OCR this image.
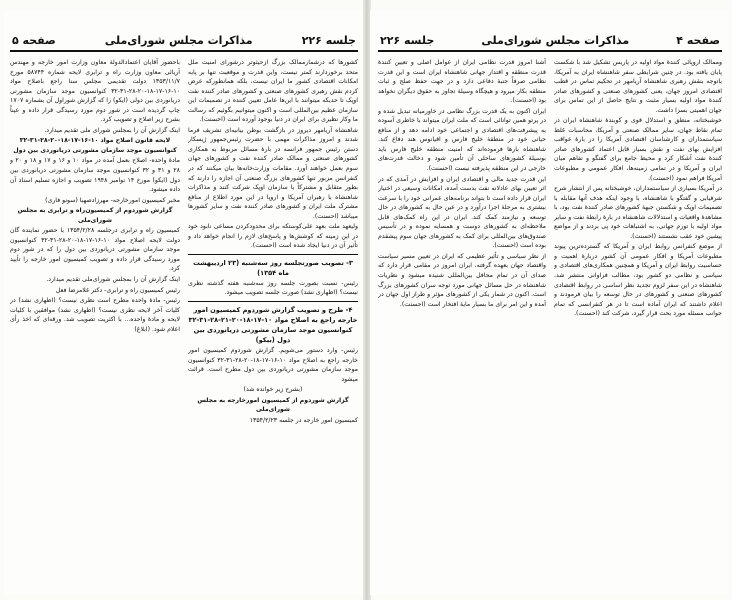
جلسه ۲۲۶
مذاکرات مجلس شورای‌ملی
صفحه ۵

کشورها که درشمارممالک بزرگ ازحیثوتر درشورای امنیت ملل متحد برخوردارند کمتر نیست، واین قدرت و موقعیت تنها بر پایه امکانات اقتصادی کشور ما ایران نیست، بلکه همانطورکه عرض کردم نقش رهبری کشورهای صنعتی و کشورهای صادر کننده نفت اوپک تا حدیکه میتوانند با این‌ها عامل تعیین کننده در تصمیمات این سازمان عظیم بین‌المللی است و اکنون میتوانیم بگوئیم که رسالت ما وکار نظیری برای ایران در دنیا بوجود آورده است (احسنت).

شاهنشاه آریامهر دیروز در بازگشت بوطن بیانیه‌ای تشریف فرما شدند و امروز مذاکرات مهمی با حضرت رئیس‌جمهور ژیسکار دستن رئیس جمهور فرانسه در بارهٔ مسائل مربوط به همکاری کشورهای صنعتی و ممالک صادر کننده نفت و کشورهای جهان سوم بعمل خواهند آورد. مقامات وزارت‌خانه‌ها بیان میکنند که در کنفرانس مزبور تنها کشورهای بزرگ صنعتی آن اجازه را دارند که بطور متقابل و مشترکاً با سازمان اوپک شرکت کنند و مذاکرات شاهنشاه با رهبران آمریکا و اروپا در این مورد اطلاع از منافع مشترک ملت ایران و کشورهای صادر کننده نفت و سایر کشورها میباشد (احسنت).

ولیعهد ملت بعهد علی‌کوستکه برای محدودکردن مساعی نابود خود در این زمینه که کوشش‌ها و پاسخ‌های لازم را انجام خواهد داد و تأثیر آن در دنیا ایجاد شده است (احسنت).

۳- تصویب صورتجلسه روز سه‌شنبه (۲۳ اردیبهشت ماه ۱۳۵۴)

رئیس- نسبت بصورت جلسه روز سه‌شنبه هفته گذشته نظری نیست؟ (اظهاری نشد) صورت جلسه تصویب میشود.

۴- طرح و تصویب گزارش شوردوم کمیسیون امور خارجه راجع به اصلاح مواد ۱۰-۱۷-۱۸-۲۰-۲۱-۲۸-۳۱-۳۲ کنوانسیون موجد سازمان مشورتی دریانوردی بین دول (بیکو)

رئیس- وارد دستور می‌شویم. گزارش شوردوم کمیسیون امور خارجه راجع به اصلاح مواد ۱۰-۱۶-۱۷-۱۸-۲۰-۲۸-۳۱-۳۲ کنوانسیون موجد سازمان مشورتی دریانوردی بین دول مطرح است. قرائت میشود

(بشرح زیر خوانده شد)

گزارش شوردوم از کمیسیون امورخارجه به مجلس شورای‌ملی

کمیسیون امور خارجه در جلسه ۱۳۵۴/۲/۲۳

باحضور آقایان اعتماد‌الدولهٔ معاون وزارت امور خارجه و مهندس آریائی معاون وزارت راه و ترابری لایحه شماره ۵۸۷۴۴ مورخ ۱۳۵۳/۱۱/۷ دولت تقدیمی مجلس سنا راجع باصلاح مواد ۱۰-۱۶-۱۷-۱۸-۲۰-۲۸-۳۱-۳۲ کنوانسیون موجد سازمان مشورتی دریانوردی بین دولی (ایکو) را که گزارش شوراول آن بشماره ۱۷۰۷ چاپ گردیده است در شور دوم مورد رسیدگی قرار داده و عیناً بشرح زیر اصلاح و تصویب کرد.

اینک گزارش آن را بمجلس شورای ملی تقدیم میدارد.

لایحه قانون اصلاح مواد ۱۰-۱۶-۱۷-۱۸-۲۰-۲۸-۳۱-۳۲ کنوانسیون موجد سازمان مشورتی دریانوردی بین دول

مادهٔ واحده- اصلاح‌ بعمل آمده در مواد ۱۰ و ۱۶ و ۱۷ و ۱۸ و ۲۰ و ۲۸ و ۳۱ و ۳۲ کنوانسیون موجد سازمان مشورتی دریانوردی بین دول (ایکو) مورخ ۱۴ نوامبر ۱۹۴۸ تصویب و اجازه تسلیم اسناد آن داده میشود.

مخبر کمیسیون امورخارجه- مهرزادصهبا (سونو فاری)

گزارش شوردوم از کمیسیون‌راه و ترابری به مجلس شورای‌ملی

کمیسیون راه و ترابری درجلسه ۱۳۵۴/۲/۲۸ با حضور نماینده گان دولت لایحه اصلاح مواد ۱۰-۱۶-۱۷-۱۸-۲۰-۲۸-۳۱-۳۲ کنوانسیون موجد سازمان مشورتی دریانوردی بین دول را که در شور دوم مورد رسیدگی قرار داده و تصویب کمیسیون امور خارجه را تأیید کرد.

اینک گزارش آن را بمجلس شورای‌ملی تقدیم میدارد.

رئیس کمیسیون راه و ترابری- دکتر غلامرضا فعل

رئیس- مادهٔ واحده مطرح است نظری نیست؟ (اظهاری نشد) در کلیات آخر لایحه نظری نیست؟ (اظهاری نشد) موافقین با کلیات لایحه و مادهٔ واحده... با اکثریت تصویب شد. ورقه‌ای که اخذ رأی اعلام شود. (ابلاغ)

صفحه ۴
مذاکرات مجلس شورای‌ملی
جلسه ۲۲۶

وممالک اروپائی کنندهٔ مواد اولیه در پاریس تشکیل شد با شکست پایان یافته بود. در چنین شرایطی سفر شاهنشاه ایران به آمریکا، باتوجه بنقش رهبری شاهنشاه آریامهر در تحکیم تماس در قطب اقتصادی امروز جهان، یعنی کشورهای صنعتی و کشورهای صادر کنندهٔ مواد اولیه بسیار مثبت و نتایج حاصل از این تماس برای جهان اهمیتی بسزا داشت.

خوشبختانه، منطق و استدلال قوی و کوبندهٔ شاهنشاه ایران در تمام نقاط جهان، سایر ممالک صنعتی و آمریکا، محاسبات غلط سیاستمداران و کارشناسان اقتصادی آمریکا را در بارهٔ عواقب افزایش بهای نفت و نقش بسیار قابل اعتماد کشورهای صادر کنندهٔ نفت آشکار کرد و محیط جامع برای گفتگو و تفاهم میان ایران و آمریکا و در تمامی زمینه‌ها، افکار عمومی و مطبوعات آمریکا فراهم نمود (احسنت).

در آمریکا بسیاری از سیاستمداران، خوشبختانه پس از انتشار شرح شرفیابی و گفتگو با شاهنشاه، با وجود اینکه هدف آنها مقابله با تصمیمات اوپک و شکستن جبههٔ کشورهای صادر کنندهٔ نفت بود، با مشاهدهٔ واقعیات و استدلالات شاهنشاه در بارهٔ رابطهٔ نفت و سایر مواد اولیه با تورم جهانی، به اشتباهات خود پی بردند و از مواضع پیشین خود عقب نشستند (احسنت).

از موضع کنفرانس روابط ایران و آمریکا که گسترده‌ترین پیوند مطبوعات آمریکا و افکار عمومی آن کشور دربارهٔ اهمیت و حساسیت روابط ایران و آمریکا و همچنین همکاری‌های اقتصادی و سیاسی و نظامی دو کشور بود، مطالب فراوانی منتشر شد. شاهنشاه در این سفر لزوم تجدید نظر اساسی در روابط اقتصادی کشورهای صنعتی و کشورهای در حال توسعه را بیان فرمودند و اعلام داشتند که ایران آماده است تا در هر کنفرانسی که تمام جوانب مسئله مورد بحث قرار گیرد، شرکت کند (احسنت).

آشنا امروز قدرت نظامی ایران از عوامل اصلی و تعیین کنندهٔ قدرت منطقه و اقتدار جهانی شاهنشاه ایران است و این قدرت نظامی صرفاً جنبهٔ دفاعی دارد و در جهت حفظ صلح و ثبات منطقه بکار میرود و هیچگاه وسیلهٔ تجاوز به حقوق دیگران نخواهد بود (احسنت).

ایران اکنون به یک قدرت بزرگ نظامی در خاورمیانه تبدیل شده و در پرتو همین توانائی است که ملت ایران میتواند با خاطری آسوده به پیشرفت‌های اقتصادی و اجتماعی خود ادامه دهد و از منافع حیاتی خود در منطقهٔ خلیج فارس و اقیانوس هند دفاع کند. شاهنشاه بارها فرموده‌اند که امنیت منطقه خلیج فارس باید بوسیلهٔ کشورهای ساحلی آن تأمین شود و دخالت قدرت‌های خارجی در این منطقه پذیرفته نیست (احسنت).

این قدرت جدید مالی و اقتصادی ایران و افزایش در آمدی که در اثر تعیین بهای عادلانه نفت بدست آمده، امکانات وسیعی در اختیار ایران قرار داده است تا بتواند برنامه‌های عمرانی خود را با سرعت بیشتری به مرحلهٔ اجرا درآورد و در عین حال به کشورهای در حال توسعه و نیازمند کمک کند. ایران در این راه کمک‌های قابل ملاحظه‌ای به کشورهای دوست و همسایه نموده و در تأسیس صندوق‌های بین‌المللی برای کمک به کشورهای جهان سوم پیشقدم بوده است (احسنت).

از نظر سیاسی و تأثیر عظیمی که ایران در تعیین مسیر سیاست واقتصاد جهان بعهده گرفته، ایران امروز در مقامی قرار دارد که صدای آن در تمام محافل بین‌المللی شنیده میشود و نظریات شاهنشاه در حل مسائل جهانی مورد توجه سران کشورهای بزرگ است. اکنون در شمار یکی از کشورهای مؤثر و طراز اول جهان در آمده و این امر برای ما بسیار مایهٔ افتخار است (احسنت).
